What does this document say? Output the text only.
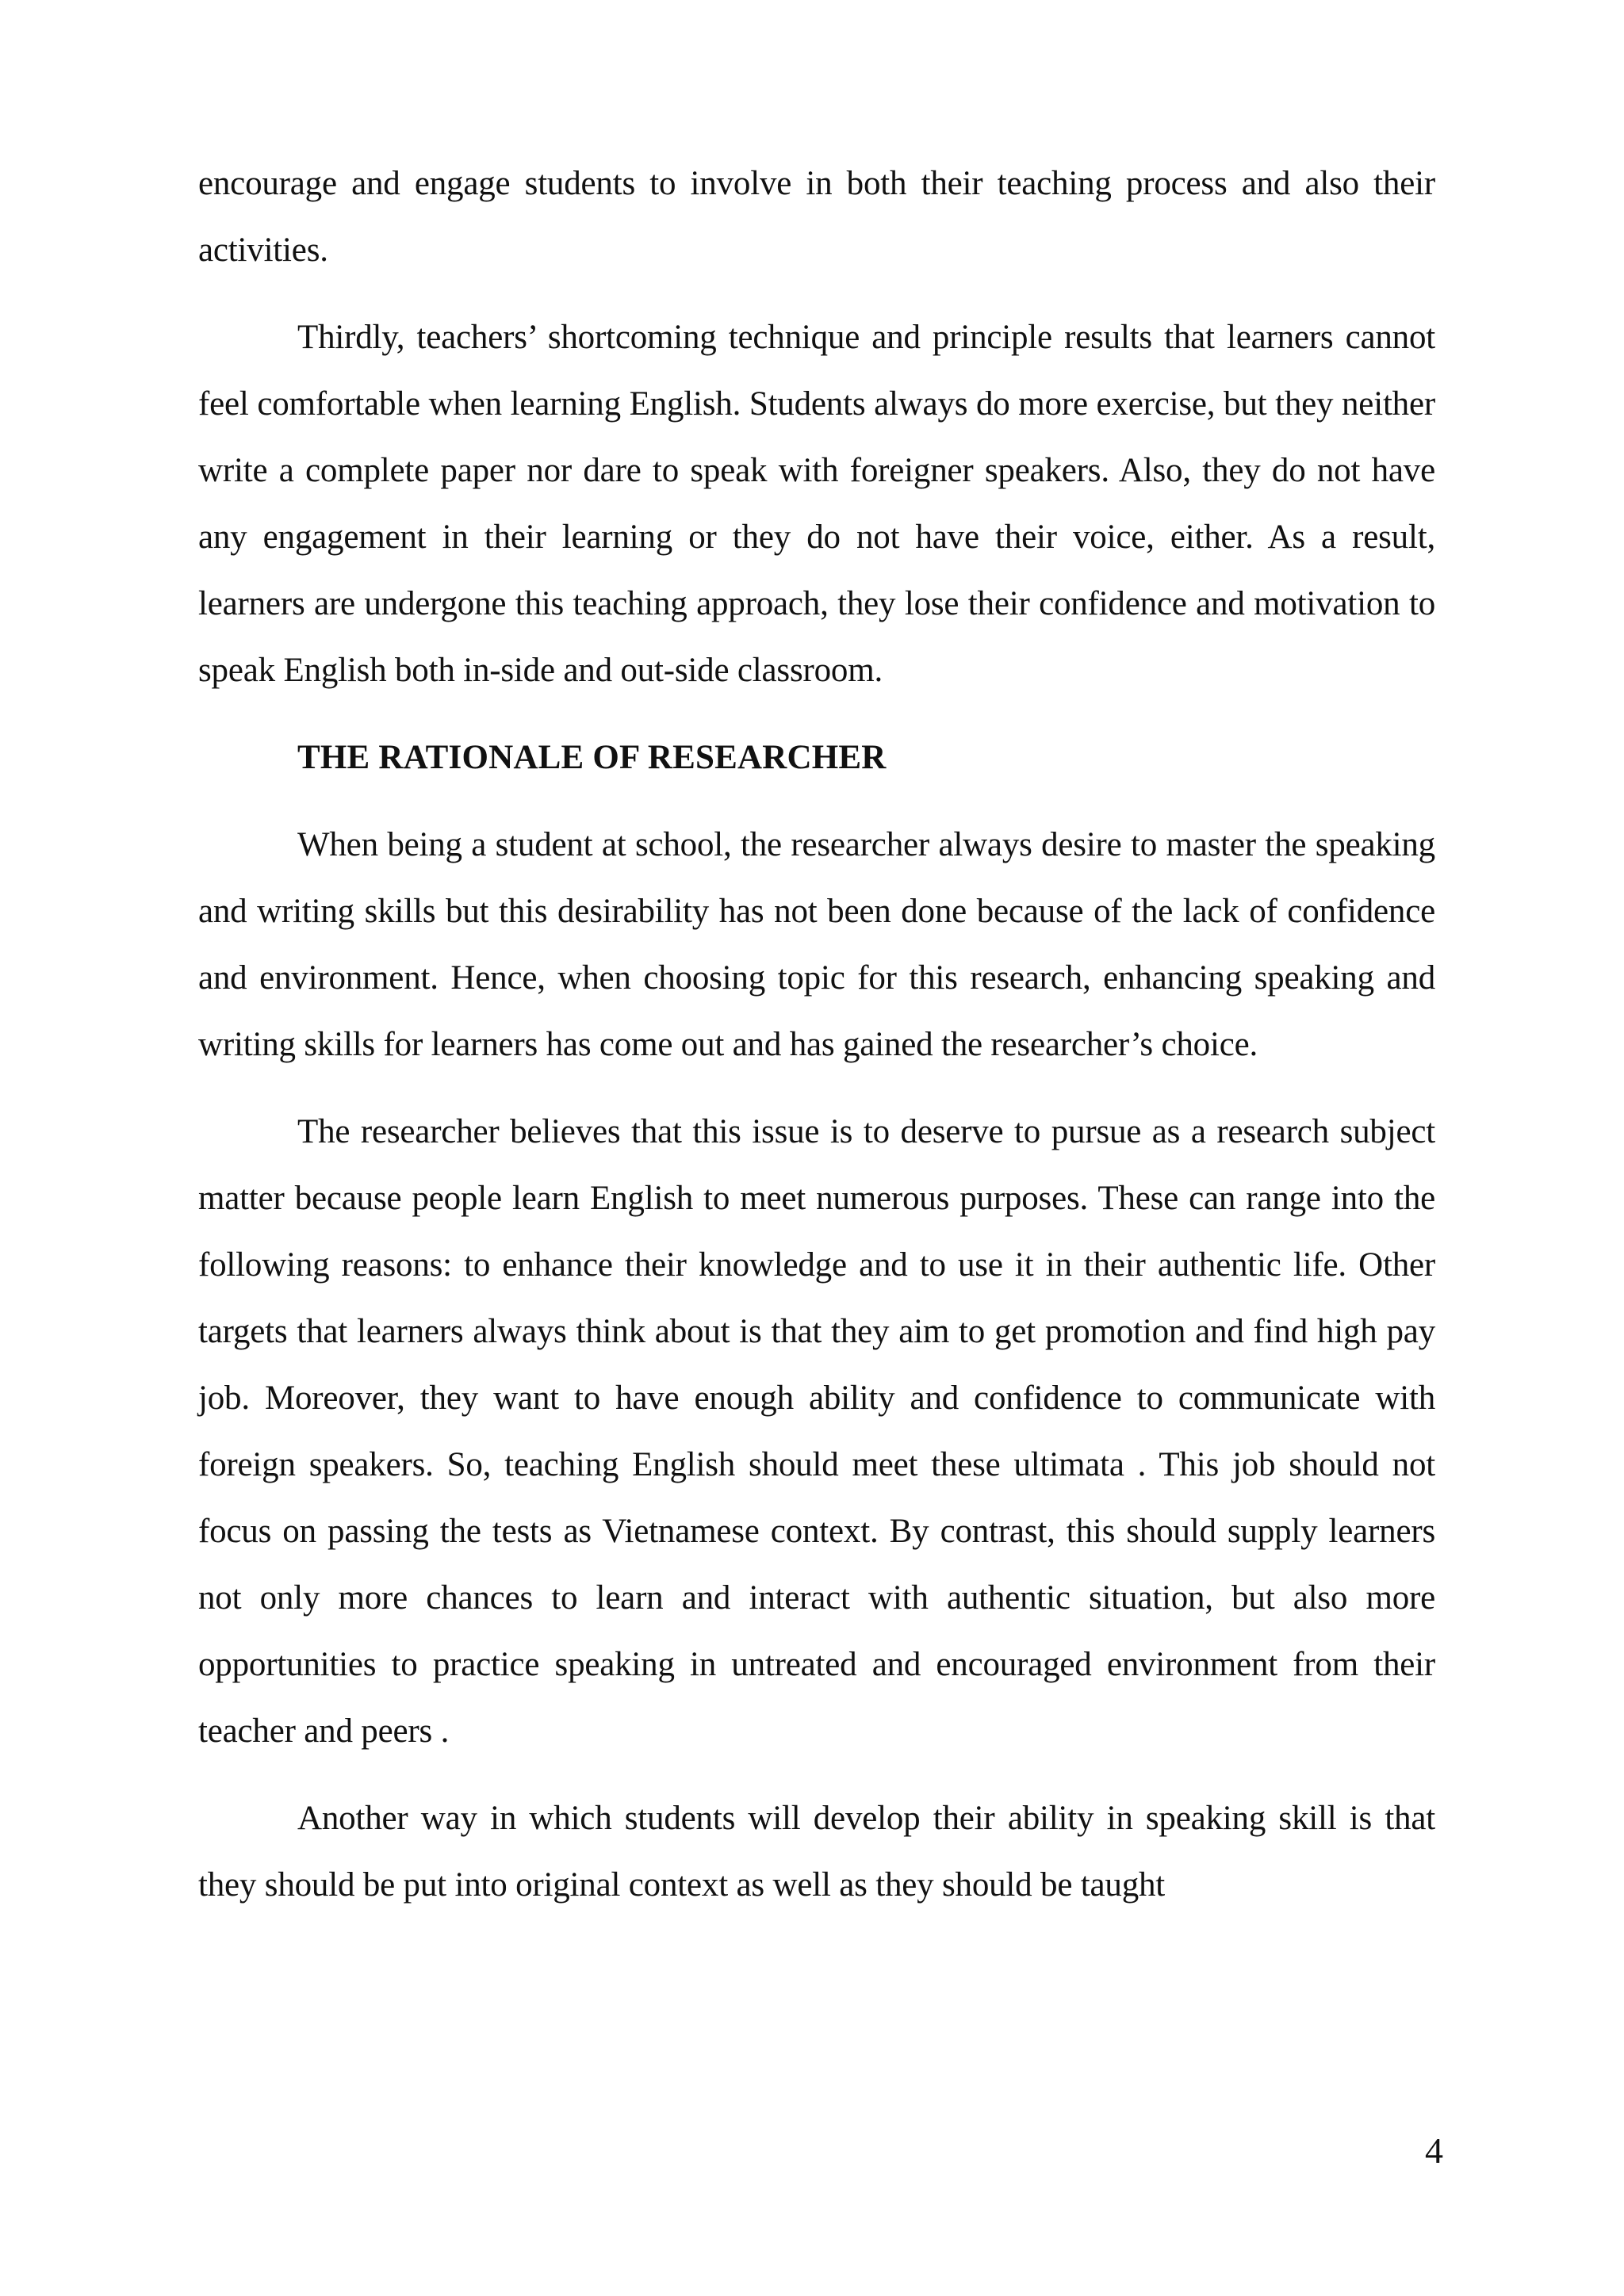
encourage and engage students to involve in both their teaching process and also their activities.

Thirdly, teachers’ shortcoming technique and principle results that learners cannot feel comfortable when learning English. Students always do more exercise, but they neither write a complete paper nor dare to speak with foreigner speakers. Also, they do not have any engagement in their learning or they do not have their voice, either. As a result, learners are undergone this teaching approach, they lose their confidence and motivation to speak English both in-side and out-side classroom.

THE RATIONALE OF RESEARCHER

When being a student at school, the researcher always desire to master the speaking and writing skills but this desirability has not been done because of the lack of confidence and environment. Hence, when choosing topic for this research, enhancing speaking and writing skills for learners has come out and has gained the researcher’s choice.

The researcher believes that this issue is to deserve to pursue as a research subject matter because people learn English to meet numerous purposes. These can range into the following reasons: to enhance their knowledge and to use it in their authentic life. Other targets that learners always think about is that they aim to get promotion and find high pay job. Moreover, they want to have enough ability and confidence to communicate with foreign speakers. So, teaching English should meet these ultimata . This job should not focus on passing the tests as Vietnamese context. By contrast, this should supply learners not only more chances to learn and interact with authentic situation, but also more opportunities to practice speaking in untreated and encouraged environment from their teacher and peers .

Another way in which students will develop their ability in speaking skill is that they should be put into original context as well as they should be taught

4
